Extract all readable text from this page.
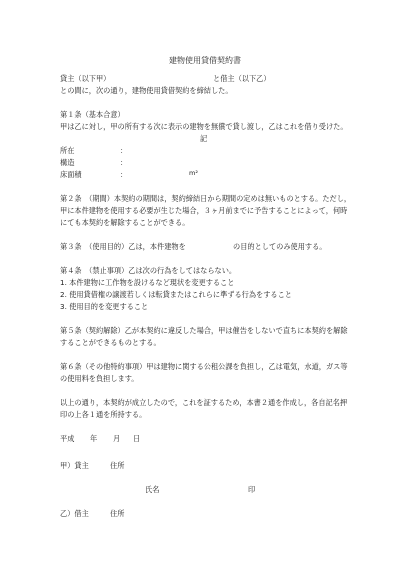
建物使用貸借契約書
貸主（以下甲）	と借主（以下乙）
との間に，次の通り，建物使用貸借契約を締結した。
第１条（基本合意）
甲は乙に対し，甲の所有する次に表示の建物を無償で貸し渡し，乙はこれを借り受けた。
記
所在	：
構造	：
床面積	：	m²
第２条　（期間）本契約の期間は，契約締結日から期間の定めは無いものとする。ただし，
甲に本件建物を使用する必要が生じた場合，３ヶ月前までに予告することによって，何時
にても本契約を解除することができる。
第３条　（使用目的）乙は，本件建物を	の目的としてのみ使用する。
第４条　（禁止事項）乙は次の行為をしてはならない。
1. 本件建物に工作物を設けるなど現状を変更すること
2. 使用貸借権の譲渡若しくは転貸またはこれらに準ずる行為をすること
3. 使用目的を変更すること
第５条（契約解除）乙が本契約に違反した場合，甲は催告をしないで直ちに本契約を解除
することができるものとする。
第６条（その他特約事項）甲は建物に関する公租公課を負担し，乙は電気，水道，ガス等
の使用料を負担します。
以上の通り，本契約が成立したので，これを証するため，本書２通を作成し，各自記名押
印の上各１通を所持する。
平成 年 月 日
甲）貸主	住所
氏名	印
乙）借主	住所
